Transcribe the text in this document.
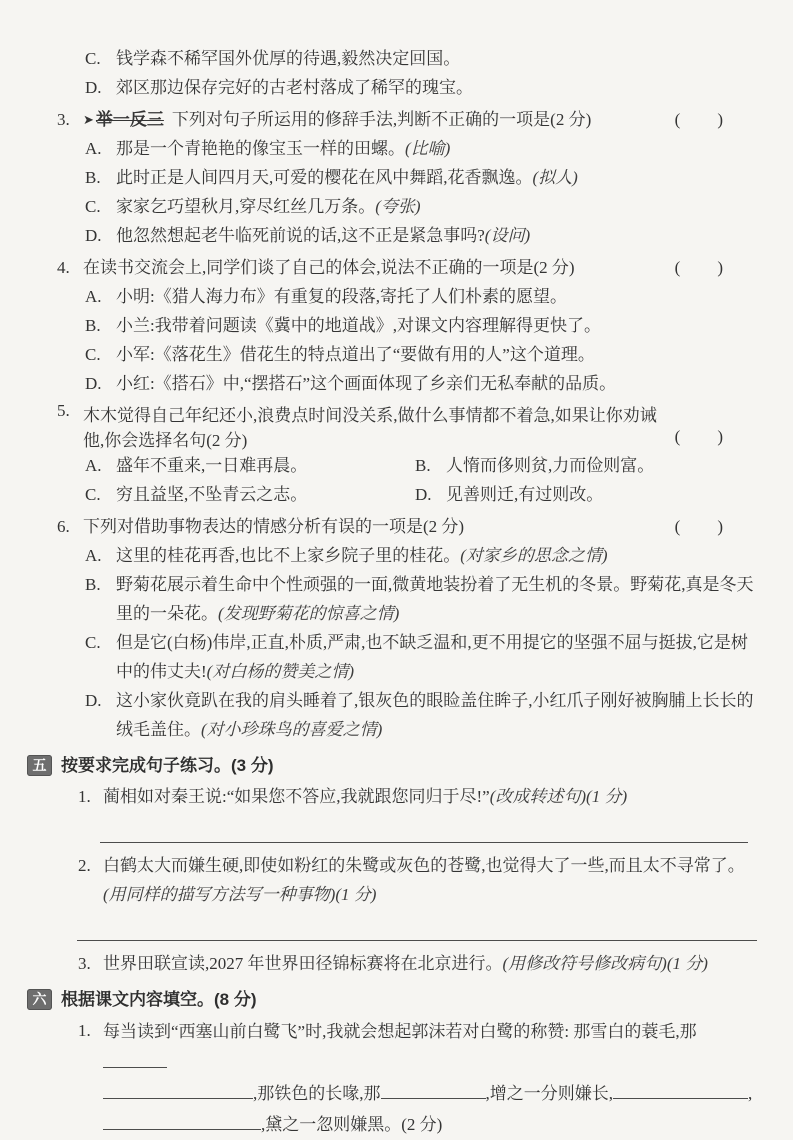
C. 钱学森不稀罕国外优厚的待遇,毅然决定回国。
D. 郊区那边保存完好的古老村落成了稀罕的瑰宝。
3.	➤ 举一反三 下列对句子所运用的修辞手法,判断不正确的一项是(2 分)	(　　)
A. 那是一个青艳艳的像宝玉一样的田螺。(比喻)
B. 此时正是人间四月天,可爱的樱花在风中舞蹈,花香飘逸。(拟人)
C. 家家乞巧望秋月,穿尽红丝几万条。(夸张)
D. 他忽然想起老牛临死前说的话,这不正是紧急事吗?(设问)
4. 在读书交流会上,同学们谈了自己的体会,说法不正确的一项是(2 分)	(　　)
A. 小明:《猎人海力布》有重复的段落,寄托了人们朴素的愿望。
B. 小兰:我带着问题读《冀中的地道战》,对课文内容理解得更快了。
C. 小军:《落花生》借花生的特点道出了“要做有用的人”这个道理。
D. 小红:《搭石》中,“摆搭石”这个画面体现了乡亲们无私奉献的品质。
5. 木木觉得自己年纪还小,浪费点时间没关系,做什么事情都不着急,如果让你劝诫他,你会选择名句(2 分)	(　　)
A. 盛年不重来,一日难再晨。	B. 人惰而侈则贫,力而俭则富。
C. 穷且益坚,不坠青云之志。	D. 见善则迁,有过则改。
6. 下列对借助事物表达的情感分析有误的一项是(2 分)	(　　)
A. 这里的桂花再香,也比不上家乡院子里的桂花。(对家乡的思念之情)
B. 野菊花展示着生命中个性顽强的一面,微黄地装扮着了无生机的冬景。野菊花,真是冬天里的一朵花。(发现野菊花的惊喜之情)
C. 但是它(白杨)伟岸,正直,朴质,严肃,也不缺乏温和,更不用提它的坚强不屈与挺拔,它是树中的伟丈夫!(对白杨的赞美之情)
D. 这小家伙竟趴在我的肩头睡着了,银灰色的眼睑盖住眸子,小红爪子刚好被胸脯上长长的绒毛盖住。(对小珍珠鸟的喜爱之情)
五 按要求完成句子练习。(3 分)
1. 蔺相如对秦王说:“如果您不答应,我就跟您同归于尽!”(改成转述句)(1 分)
2. 白鹤太大而嫌生硬,即使如粉红的朱鹭或灰色的苍鹭,也觉得大了一些,而且太不寻常了。(用同样的描写方法写一种事物)(1 分)
3. 世界田联宣读,2027 年世界田径锦标赛将在北京进行。(用修改符号修改病句)(1 分)
六 根据课文内容填空。(8 分)
1. 每当读到“西塞山前白鹭飞”时,我就会想起郭沫若对白鹭的称赞: 那雪白的蓑毛,那
,那铁色的长喙,那	,增之一分则嫌长,	,
,黛之一忽则嫌黑。(2 分)
